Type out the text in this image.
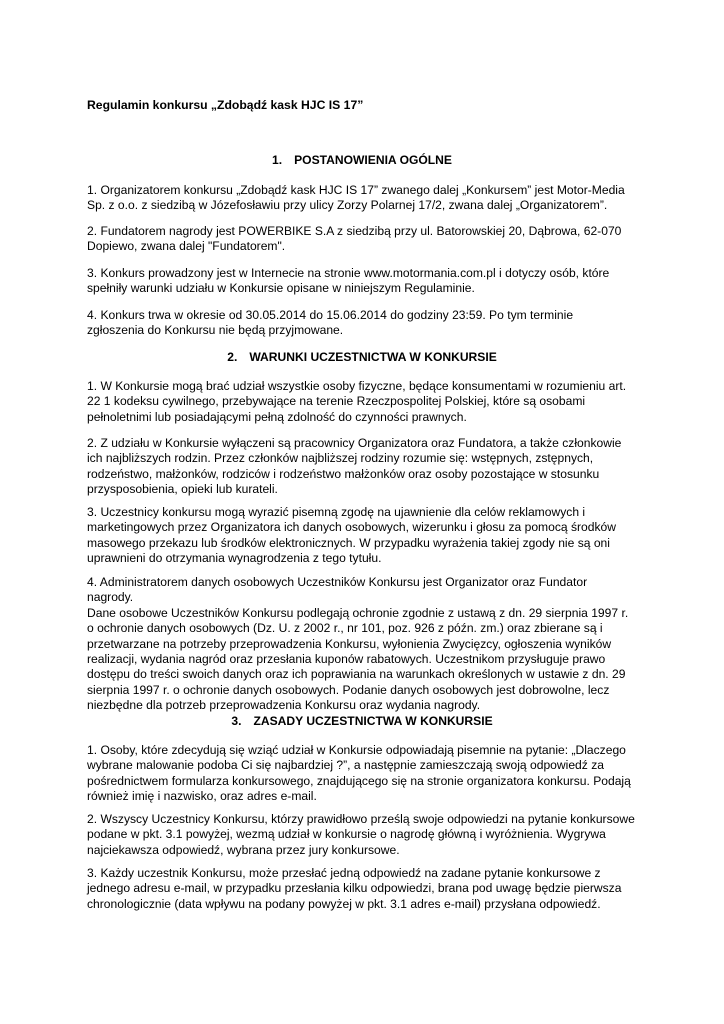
Regulamin konkursu „Zdobądź kask HJC IS 17”
1. POSTANOWIENIA OGÓLNE
1. Organizatorem konkursu „Zdobądź kask HJC IS 17” zwanego dalej „Konkursem” jest Motor-Media
Sp. z o.o. z siedzibą w Józefosławiu przy ulicy Zorzy Polarnej 17/2, zwana dalej „Organizatorem”.
2. Fundatorem nagrody jest POWERBIKE S.A z siedzibą przy ul. Batorowskiej 20, Dąbrowa, 62-070
Dopiewo, zwana dalej "Fundatorem".
3. Konkurs prowadzony jest w Internecie na stronie www.motormania.com.pl i dotyczy osób, które
spełniły warunki udziału w Konkursie opisane w niniejszym Regulaminie.
4. Konkurs trwa w okresie od 30.05.2014 do 15.06.2014 do godziny 23:59. Po tym terminie
zgłoszenia do Konkursu nie będą przyjmowane.
2. WARUNKI UCZESTNICTWA W KONKURSIE
1. W Konkursie mogą brać udział wszystkie osoby fizyczne, będące konsumentami w rozumieniu art.
22 1 kodeksu cywilnego, przebywające na terenie Rzeczpospolitej Polskiej, które są osobami
pełnoletnimi lub posiadającymi pełną zdolność do czynności prawnych.
2. Z udziału w Konkursie wyłączeni są pracownicy Organizatora oraz Fundatora, a także członkowie
ich najbliższych rodzin. Przez członków najbliższej rodziny rozumie się: wstępnych, zstępnych,
rodzeństwo, małżonków, rodziców i rodzeństwo małżonków oraz osoby pozostające w stosunku
przysposobienia, opieki lub kurateli.
3. Uczestnicy konkursu mogą wyrazić pisemną zgodę na ujawnienie dla celów reklamowych i
marketingowych przez Organizatora ich danych osobowych, wizerunku i głosu za pomocą środków
masowego przekazu lub środków elektronicznych. W przypadku wyrażenia takiej zgody nie są oni
uprawnieni do otrzymania wynagrodzenia z tego tytułu.
4. Administratorem danych osobowych Uczestników Konkursu jest Organizator oraz Fundator
nagrody.
Dane osobowe Uczestników Konkursu podlegają ochronie zgodnie z ustawą z dn. 29 sierpnia 1997 r.
o ochronie danych osobowych (Dz. U. z 2002 r., nr 101, poz. 926 z późn. zm.) oraz zbierane są i
przetwarzane na potrzeby przeprowadzenia Konkursu, wyłonienia Zwycięzcy, ogłoszenia wyników
realizacji, wydania nagród oraz przesłania kuponów rabatowych. Uczestnikom przysługuje prawo
dostępu do treści swoich danych oraz ich poprawiania na warunkach określonych w ustawie z dn. 29
sierpnia 1997 r. o ochronie danych osobowych. Podanie danych osobowych jest dobrowolne, lecz
niezbędne dla potrzeb przeprowadzenia Konkursu oraz wydania nagrody.
3. ZASADY UCZESTNICTWA W KONKURSIE
1. Osoby, które zdecydują się wziąć udział w Konkursie odpowiadają pisemnie na pytanie: „Dlaczego
wybrane malowanie podoba Ci się najbardziej ?”, a następnie zamieszczają swoją odpowiedź za
pośrednictwem formularza konkursowego, znajdującego się na stronie organizatora konkursu. Podają
również imię i nazwisko, oraz adres e-mail.
2. Wszyscy Uczestnicy Konkursu, którzy prawidłowo prześlą swoje odpowiedzi na pytanie konkursowe
podane w pkt. 3.1 powyżej, wezmą udział w konkursie o nagrodę główną i wyróżnienia. Wygrywa
najciekawsza odpowiedź, wybrana przez jury konkursowe.
3. Każdy uczestnik Konkursu, może przesłać jedną odpowiedź na zadane pytanie konkursowe z
jednego adresu e-mail, w przypadku przesłania kilku odpowiedzi, brana pod uwagę będzie pierwsza
chronologicznie (data wpływu na podany powyżej w pkt. 3.1 adres e-mail) przysłana odpowiedź.
